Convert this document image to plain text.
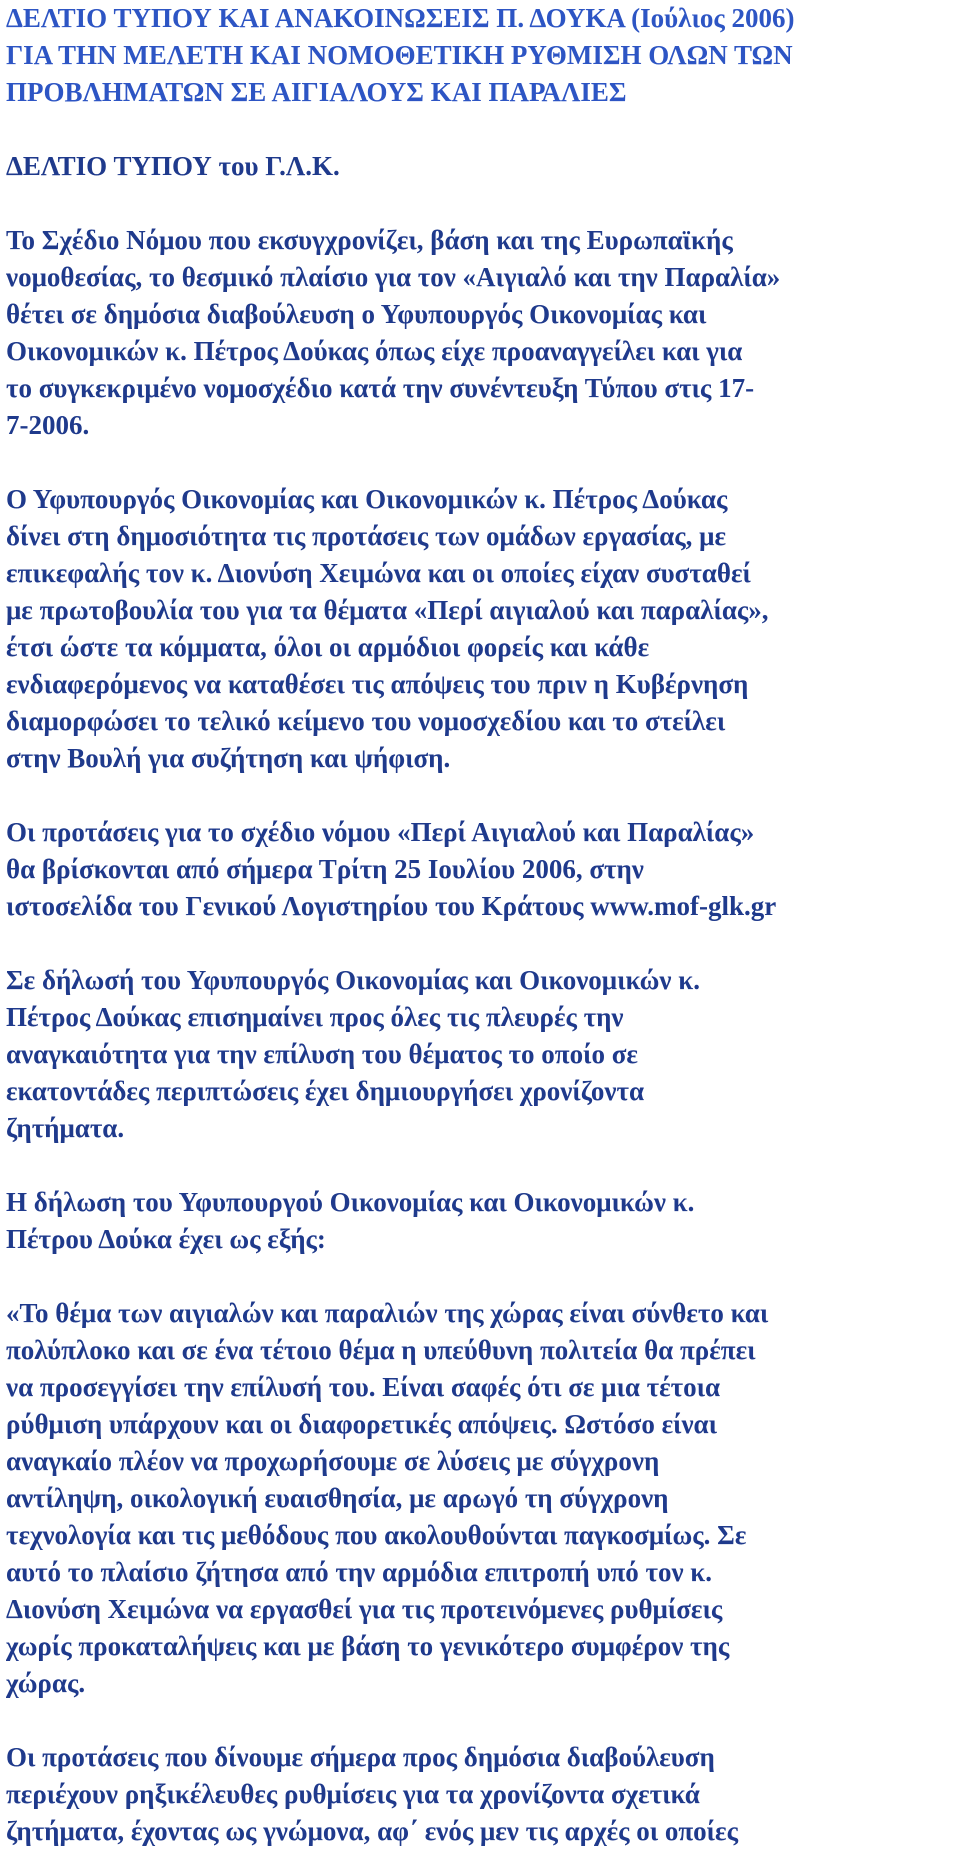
ΔΕΛΤΙΟ ΤΥΠΟΥ ΚΑΙ ΑΝΑΚΟΙΝΩΣΕΙΣ Π. ΔΟΥΚΑ (Ιούλιος 2006)
ΓΙΑ ΤΗΝ ΜΕΛΕΤΗ ΚΑΙ ΝΟΜΟΘΕΤΙΚΗ ΡΥΘΜΙΣΗ ΟΛΩΝ ΤΩΝ
ΠΡΟΒΛΗΜΑΤΩΝ ΣΕ ΑΙΓΙΑΛΟΥΣ ΚΑΙ ΠΑΡΑΛΙΕΣ
ΔΕΛΤΙΟ ΤΥΠΟΥ του Γ.Λ.Κ.
Το Σχέδιο Νόμου που εκσυγχρονίζει, βάση και της Ευρωπαϊκής
νομοθεσίας, το θεσμικό πλαίσιο για τον «Αιγιαλό και την Παραλία»
θέτει σε δημόσια διαβούλευση ο Υφυπουργός Οικονομίας και
Οικονομικών κ. Πέτρος Δούκας όπως είχε προαναγγείλει και για
το συγκεκριμένο νομοσχέδιο κατά την συνέντευξη Τύπου στις 17-
7-2006.
Ο Υφυπουργός Οικονομίας και Οικονομικών κ. Πέτρος Δούκας
δίνει στη δημοσιότητα τις προτάσεις των ομάδων εργασίας, με
επικεφαλής τον κ. Διονύση Χειμώνα και οι οποίες είχαν συσταθεί
με πρωτοβουλία του για τα θέματα «Περί αιγιαλού και παραλίας»,
έτσι ώστε τα κόμματα, όλοι οι αρμόδιοι φορείς και κάθε
ενδιαφερόμενος να καταθέσει τις απόψεις του πριν η Κυβέρνηση
διαμορφώσει το τελικό κείμενο του νομοσχεδίου και το στείλει
στην Βουλή για συζήτηση και ψήφιση.
Οι προτάσεις για το σχέδιο νόμου «Περί Αιγιαλού και Παραλίας»
θα βρίσκονται από σήμερα Τρίτη 25 Ιουλίου 2006, στην
ιστοσελίδα του Γενικού Λογιστηρίου του Κράτους www.mof-glk.gr
Σε δήλωσή του Υφυπουργός Οικονομίας και Οικονομικών κ.
Πέτρος Δούκας επισημαίνει προς όλες τις πλευρές την
αναγκαιότητα για την επίλυση του θέματος το οποίο σε
εκατοντάδες περιπτώσεις έχει δημιουργήσει χρονίζοντα
ζητήματα.
Η δήλωση του Υφυπουργού Οικονομίας και Οικονομικών κ.
Πέτρου Δούκα έχει ως εξής:
«Το θέμα των αιγιαλών και παραλιών της χώρας είναι σύνθετο και
πολύπλοκο και σε ένα τέτοιο θέμα η υπεύθυνη πολιτεία θα πρέπει
να προσεγγίσει την επίλυσή του. Είναι σαφές ότι σε μια τέτοια
ρύθμιση υπάρχουν και οι διαφορετικές απόψεις. Ωστόσο είναι
αναγκαίο πλέον να προχωρήσουμε σε λύσεις με σύγχρονη
αντίληψη, οικολογική ευαισθησία, με αρωγό τη σύγχρονη
τεχνολογία και τις μεθόδους που ακολουθούνται παγκοσμίως. Σε
αυτό το πλαίσιο ζήτησα από την αρμόδια επιτροπή υπό τον κ.
Διονύση Χειμώνα να εργασθεί για τις προτεινόμενες ρυθμίσεις
χωρίς προκαταλήψεις και με βάση το γενικότερο συμφέρον της
χώρας.
Οι προτάσεις που δίνουμε σήμερα προς δημόσια διαβούλευση
περιέχουν ρηξικέλευθες ρυθμίσεις για τα χρονίζοντα σχετικά
ζητήματα, έχοντας ως γνώμονα, αφ΄ ενός μεν τις αρχές οι οποίες
